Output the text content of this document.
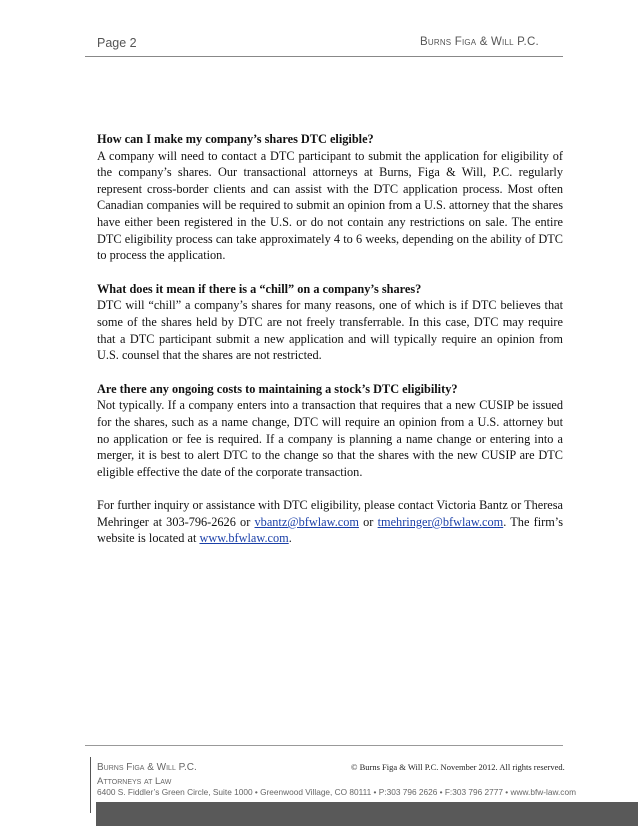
Page 2	Burns Figa & Will P.C.
How can I make my company’s shares DTC eligible?

A company will need to contact a DTC participant to submit the application for eligibility of the company’s shares. Our transactional attorneys at Burns, Figa & Will, P.C. regularly represent cross-border clients and can assist with the DTC application process. Most often Canadian companies will be required to submit an opinion from a U.S. attorney that the shares have either been registered in the U.S. or do not contain any restrictions on sale. The entire DTC eligibility process can take approximately 4 to 6 weeks, depending on the ability of DTC to process the application.

What does it mean if there is a “chill” on a company’s shares?

DTC will “chill” a company’s shares for many reasons, one of which is if DTC believes that some of the shares held by DTC are not freely transferrable. In this case, DTC may require that a DTC participant submit a new application and will typically require an opinion from U.S. counsel that the shares are not restricted.

Are there any ongoing costs to maintaining a stock’s DTC eligibility?

Not typically. If a company enters into a transaction that requires that a new CUSIP be issued for the shares, such as a name change, DTC will require an opinion from a U.S. attorney but no application or fee is required. If a company is planning a name change or entering into a merger, it is best to alert DTC to the change so that the shares with the new CUSIP are DTC eligible effective the date of the corporate transaction.

For further inquiry or assistance with DTC eligibility, please contact Victoria Bantz or Theresa Mehringer at 303-796-2626 or vbantz@bfwlaw.com or tmehringer@bfwlaw.com. The firm’s website is located at www.bfwlaw.com.

Burns Figa & Will P.C.	© Burns Figa & Will P.C. November 2012. All rights reserved.
Attorneys at Law
6400 S. Fiddler’s Green Circle, Suite 1000 • Greenwood Village, CO 80111 • P:303 796 2626 • F:303 796 2777 • www.bfw-law.com
